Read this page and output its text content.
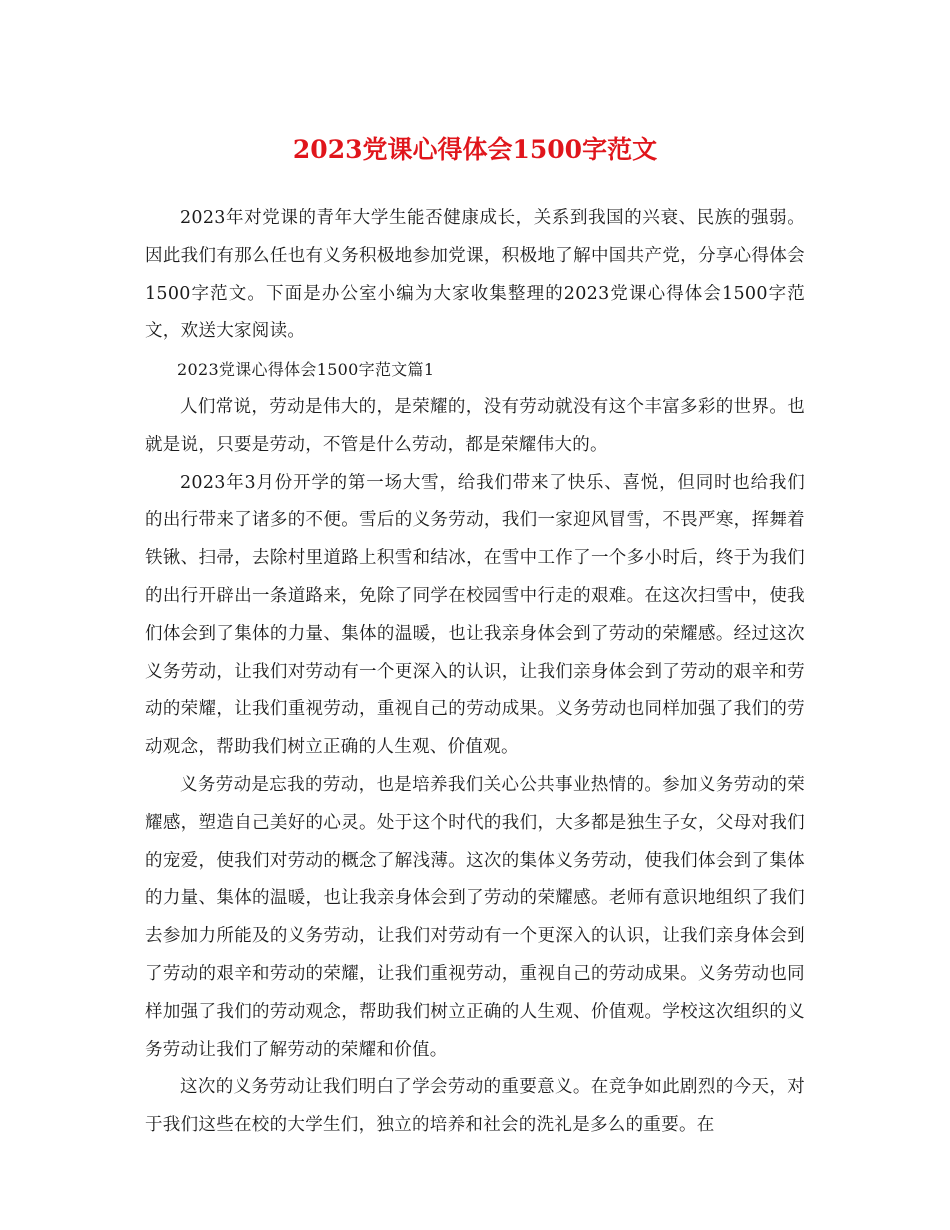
2023党课心得体会1500字范文

2023年对党课的青年大学生能否健康成长，关系到我国的兴衰、民族的强弱。因此我们有那么任也有义务积极地参加党课，积极地了解中国共产党，分享心得体会1500字范文。下面是办公室小编为大家收集整理的2023党课心得体会1500字范文，欢送大家阅读。

2023党课心得体会1500字范文篇1

人们常说，劳动是伟大的，是荣耀的，没有劳动就没有这个丰富多彩的世界。也就是说，只要是劳动，不管是什么劳动，都是荣耀伟大的。

2023年3月份开学的第一场大雪，给我们带来了快乐、喜悦，但同时也给我们的出行带来了诸多的不便。雪后的义务劳动，我们一家迎风冒雪，不畏严寒，挥舞着铁锹、扫帚，去除村里道路上积雪和结冰，在雪中工作了一个多小时后，终于为我们的出行开辟出一条道路来，免除了同学在校园雪中行走的艰难。在这次扫雪中，使我们体会到了集体的力量、集体的温暖，也让我亲身体会到了劳动的荣耀感。经过这次义务劳动，让我们对劳动有一个更深入的认识，让我们亲身体会到了劳动的艰辛和劳动的荣耀，让我们重视劳动，重视自己的劳动成果。义务劳动也同样加强了我们的劳动观念，帮助我们树立正确的人生观、价值观。

义务劳动是忘我的劳动，也是培养我们关心公共事业热情的。参加义务劳动的荣耀感，塑造自己美好的心灵。处于这个时代的我们，大多都是独生子女，父母对我们的宠爱，使我们对劳动的概念了解浅薄。这次的集体义务劳动，使我们体会到了集体的力量、集体的温暖，也让我亲身体会到了劳动的荣耀感。老师有意识地组织了我们去参加力所能及的义务劳动，让我们对劳动有一个更深入的认识，让我们亲身体会到了劳动的艰辛和劳动的荣耀，让我们重视劳动，重视自己的劳动成果。义务劳动也同样加强了我们的劳动观念，帮助我们树立正确的人生观、价值观。学校这次组织的义务劳动让我们了解劳动的荣耀和价值。

这次的义务劳动让我们明白了学会劳动的重要意义。在竞争如此剧烈的今天，对于我们这些在校的大学生们，独立的培养和社会的洗礼是多么的重要。在
